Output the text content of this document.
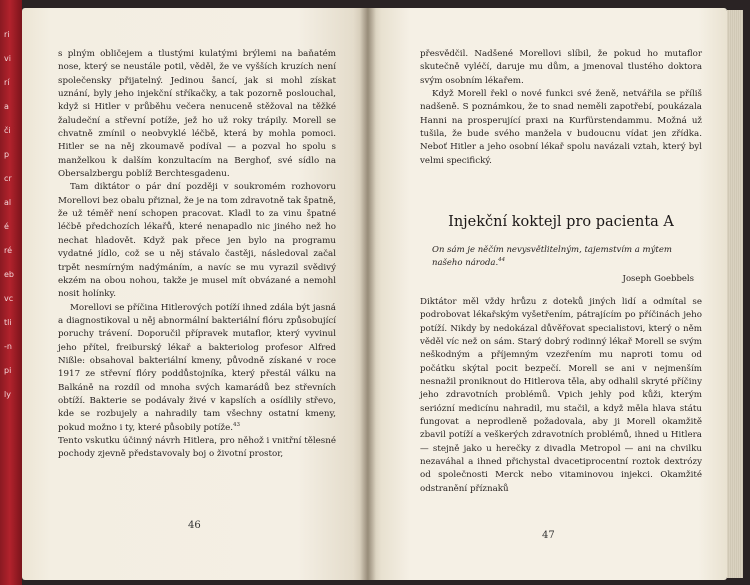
ri
vi
rí
a
či
p
cr
al
é
ré
eb
vc
tli
-n
pi
ly

s plným obličejem a tlustými kulatými brýlemi na baňatém nose, který se neustále potil, věděl, že ve vyšších kruzích není společensky přijatelný. Jedinou šancí, jak si mohl získat uznání, byly jeho injekční stříkačky, a tak pozorně poslouchal, když si Hitler v průběhu večera nenuceně stěžoval na těžké žaludeční a střevní potíže, jež ho už roky trápily. Morell se chvatně zmínil o neobvyklé léčbě, která by mohla pomoci. Hitler se na něj zkoumavě podíval — a pozval ho spolu s manželkou k dalším konzultacím na Berghof, své sídlo na Obersalzbergu poblíž Berchtesgadenu.

Tam diktátor o pár dní později v soukromém rozhovoru Morellovi bez obalu přiznal, že je na tom zdravotně tak špatně, že už téměř není schopen pracovat. Kladl to za vinu špatné léčbě předchozích lékařů, které nenapadlo nic jiného než ho nechat hladovět. Když pak přece jen bylo na programu vydatné jídlo, což se u něj stávalo častěji, následoval začal trpět nesmírným nadýmáním, a navíc se mu vyrazil svědivý ekzém na obou nohou, takže je musel mít obvázané a nemohl nosit holínky.

Morellovi se příčina Hitlerových potíží ihned zdála být jasná a diagnostikoval u něj abnormální bakteriální flóru způsobující poruchy trávení. Doporučil přípravek mutaflor, který vyvinul jeho přítel, freiburský lékař a bakteriolog profesor Alfred Nißle: obsahoval bakteriální kmeny, původně získané v roce 1917 ze střevní flóry poddůstojníka, který přestál válku na Balkáně na rozdíl od mnoha svých kamarádů bez střevních obtíží. Bakterie se podávaly živé v kapslích a osídlily střevo, kde se rozbujely a nahradily tam všechny ostatní kmeny, pokud možno i ty, které působily potíže.$^{43}$

Tento vskutku účinný návrh Hitlera, pro něhož i vnitřní tělesné pochody zjevně představovaly boj o životní prostor,

46

přesvědčil. Nadšené Morellovi slíbil, že pokud ho mutaflor skutečně vyléčí, daruje mu dům, a jmenoval tlustého doktora svým osobním lékařem.

Když Morell řekl o nové funkci své ženě, netvářila se příliš nadšeně. S poznámkou, že to snad neměli zapotřebí, poukázala Hanni na prosperující praxi na Kurfürstendammu. Možná už tušila, že bude svého manžela v budoucnu vídat jen zřídka. Neboť Hitler a jeho osobní lékař spolu navázali vztah, který byl velmi specifický.

Injekční koktejl pro pacienta A
On sám je něčím nevysvětlitelným, tajemstvím a mýtem našeho národa.$^{44}$
Joseph Goebbels

Diktátor měl vždy hrůzu z doteků jiných lidí a odmítal se podrobovat lékařským vyšetřením, pátrajícím po příčinách jeho potíží. Nikdy by nedokázal důvěřovat specialistovi, který o něm věděl víc než on sám. Starý dobrý rodinný lékař Morell se svým neškodným a příjemným vzezřením mu naproti tomu od počátku skýtal pocit bezpečí. Morell se ani v nejmenším nesnažil proniknout do Hitlerova těla, aby odhalil skryté příčiny jeho zdravotních problémů. Vpich jehly pod kůži, kterým seriózní medicínu nahradil, mu stačil, a když měla hlava státu fungovat a neprodleně požadovala, aby ji Morell okamžitě zbavil potíží a veškerých zdravotních problémů, ihned u Hitlera — stejně jako u herečky z divadla Metropol — ani na chvilku nezaváhal a ihned přichystal dvacetiprocentní roztok dextrózy od společnosti Merck nebo vitaminovou injekci. Okamžité odstranění příznaků

47
